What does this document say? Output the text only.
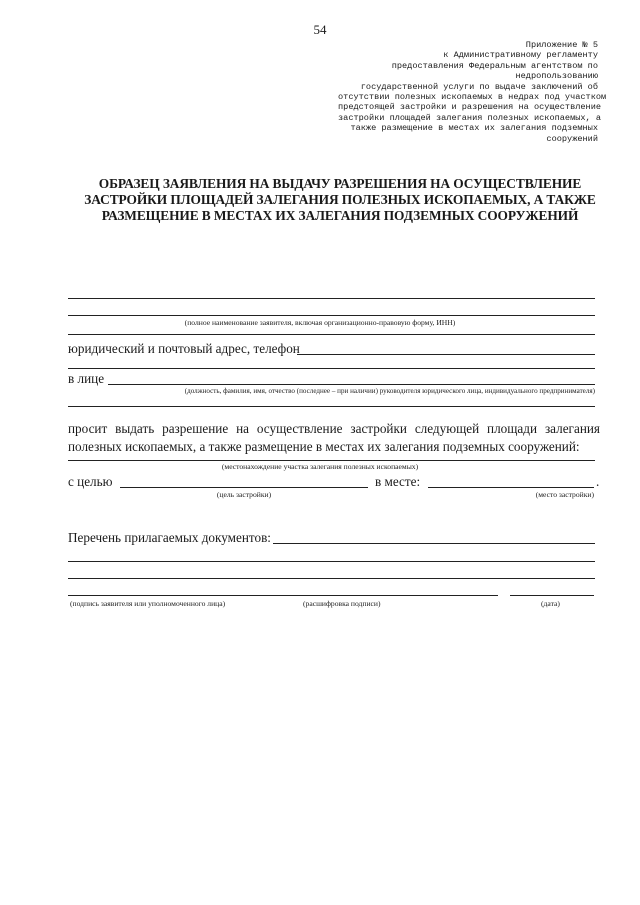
54
Приложение № 5
к Административному регламенту
предоставления Федеральным агентством по
недропользованию
государственной услуги по выдаче заключений об
отсутствии полезных ископаемых в недрах под участком
предстоящей застройки и разрешения на осуществление
застройки площадей залегания полезных ископаемых, а
также размещение в местах их залегания подземных
сооружений
ОБРАЗЕЦ ЗАЯВЛЕНИЯ НА ВЫДАЧУ РАЗРЕШЕНИЯ НА ОСУЩЕСТВЛЕНИЕ
ЗАСТРОЙКИ ПЛОЩАДЕЙ ЗАЛЕГАНИЯ ПОЛЕЗНЫХ ИСКОПАЕМЫХ, А ТАКЖЕ
РАЗМЕЩЕНИЕ В МЕСТАХ ИХ ЗАЛЕГАНИЯ ПОДЗЕМНЫХ СООРУЖЕНИЙ
(полное наименование заявителя, включая организационно-правовую форму, ИНН)
юридический и почтовый адрес, телефон
в лице
(должность, фамилия, имя, отчество (последнее – при наличии) руководителя юридического лица, индивидуального предпринимателя)
просит выдать разрешение на осуществление застройки следующей площади залегания
полезных ископаемых, а также размещение в местах их залегания подземных сооружений:
(местонахождение участка залегания полезных ископаемых)
с целью
(цель застройки)
в месте:	.
(место застройки)
Перечень прилагаемых документов:
(подпись заявителя или уполномоченного лица)	(расшифровка подписи)	(дата)
